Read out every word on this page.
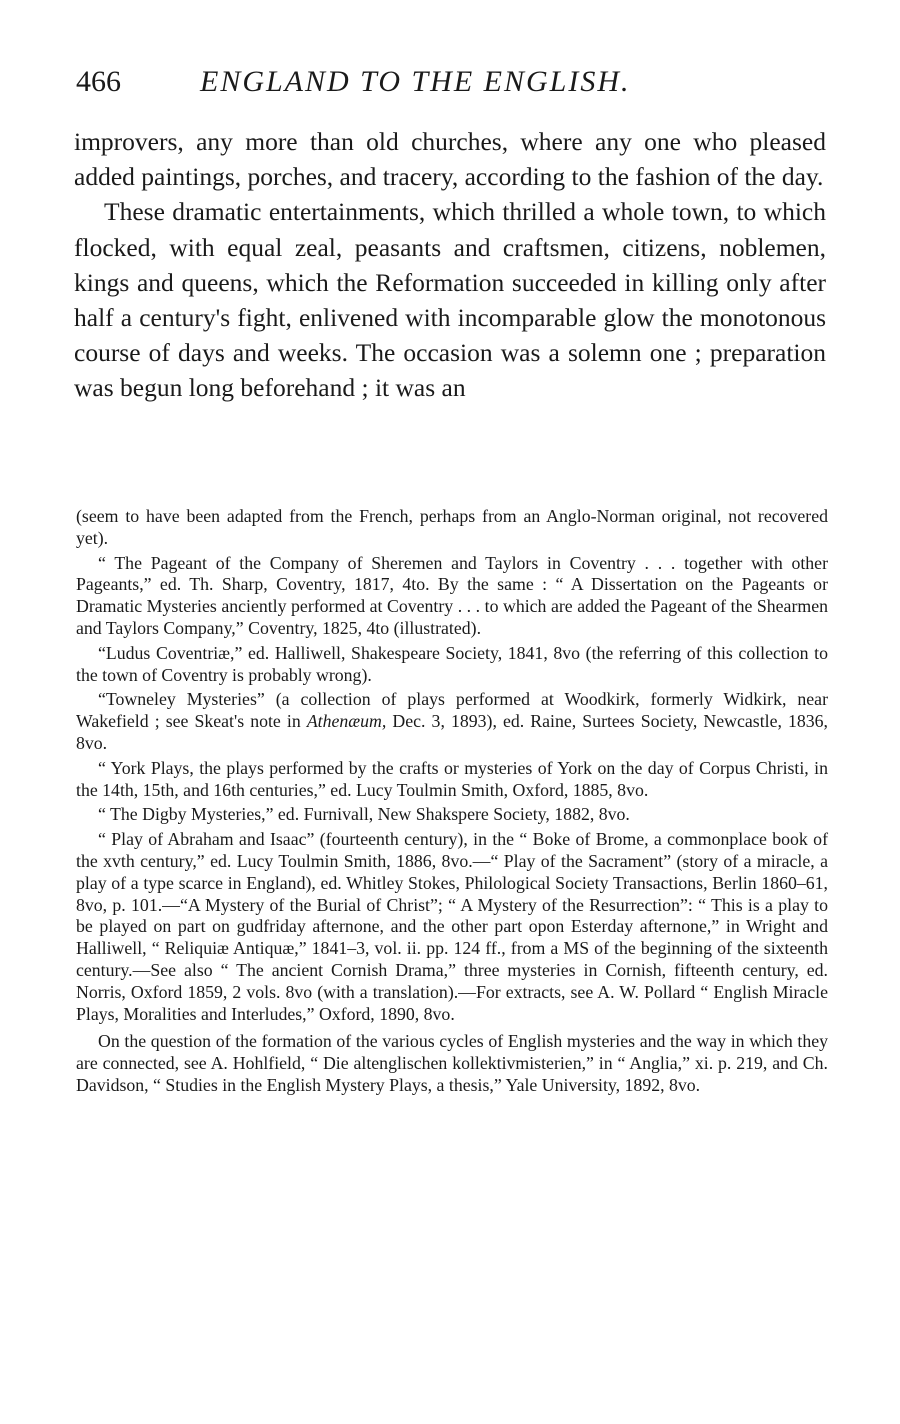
466	ENGLAND TO THE ENGLISH.

improvers, any more than old churches, where any one who pleased added paintings, porches, and tracery, according to the fashion of the day.

These dramatic entertainments, which thrilled a whole town, to which flocked, with equal zeal, peasants and craftsmen, citizens, noblemen, kings and queens, which the Reformation succeeded in killing only after half a century's fight, enlivened with incomparable glow the monotonous course of days and weeks. The occasion was a solemn one ; preparation was begun long beforehand ; it was an

(seem to have been adapted from the French, perhaps from an Anglo-Norman original, not recovered yet).

“ The Pageant of the Company of Sheremen and Taylors in Coventry . . . together with other Pageants,” ed. Th. Sharp, Coventry, 1817, 4to. By the same : “ A Dissertation on the Pageants or Dramatic Mysteries anciently performed at Coventry . . . to which are added the Pageant of the Shearmen and Taylors Company,” Coventry, 1825, 4to (illustrated).

“Ludus Coventriæ,” ed. Halliwell, Shakespeare Society, 1841, 8vo (the referring of this collection to the town of Coventry is probably wrong).

“Towneley Mysteries” (a collection of plays performed at Woodkirk, formerly Widkirk, near Wakefield ; see Skeat's note in Athenæum, Dec. 3, 1893), ed. Raine, Surtees Society, Newcastle, 1836, 8vo.

“ York Plays, the plays performed by the crafts or mysteries of York on the day of Corpus Christi, in the 14th, 15th, and 16th centuries,” ed. Lucy Toulmin Smith, Oxford, 1885, 8vo.

“ The Digby Mysteries,” ed. Furnivall, New Shakspere Society, 1882, 8vo.

“ Play of Abraham and Isaac” (fourteenth century), in the “ Boke of Brome, a commonplace book of the xvth century,” ed. Lucy Toulmin Smith, 1886, 8vo.—“ Play of the Sacrament” (story of a miracle, a play of a type scarce in England), ed. Whitley Stokes, Philological Society Transactions, Berlin 1860–61, 8vo, p. 101.—“A Mystery of the Burial of Christ”; “ A Mystery of the Resurrection”: “ This is a play to be played on part on gudfriday afternone, and the other part opon Esterday afternone,” in Wright and Halliwell, “ Reliquiæ Antiquæ,” 1841–3, vol. ii. pp. 124 ff., from a MS of the beginning of the sixteenth century.—See also “ The ancient Cornish Drama,” three mysteries in Cornish, fifteenth century, ed. Norris, Oxford 1859, 2 vols. 8vo (with a translation).—For extracts, see A. W. Pollard “ English Miracle Plays, Moralities and Interludes,” Oxford, 1890, 8vo.

On the question of the formation of the various cycles of English mysteries and the way in which they are connected, see A. Hohlfield, “ Die altenglischen kollektivmisterien,” in “ Anglia,” xi. p. 219, and Ch. Davidson, “ Studies in the English Mystery Plays, a thesis,” Yale University, 1892, 8vo.
